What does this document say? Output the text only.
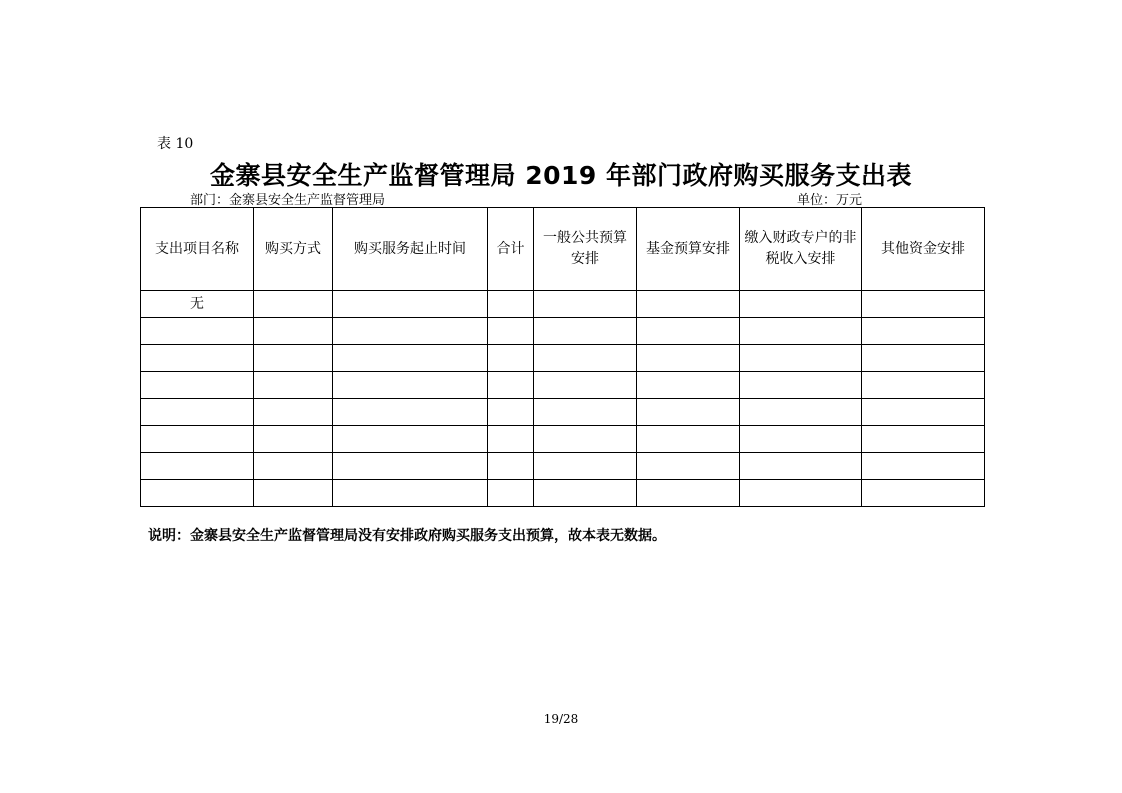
表 10
金寨县安全生产监督管理局 2019 年部门政府购买服务支出表
部门：金寨县安全生产监督管理局	单位：万元
支出项目名称	购买方式	购买服务起止时间	合计	一般公共预算安排	基金预算安排	缴入财政专户的非税收入安排	其他资金安排
无							

说明：金寨县安全生产监督管理局没有安排政府购买服务支出预算，故本表无数据。
19/28
